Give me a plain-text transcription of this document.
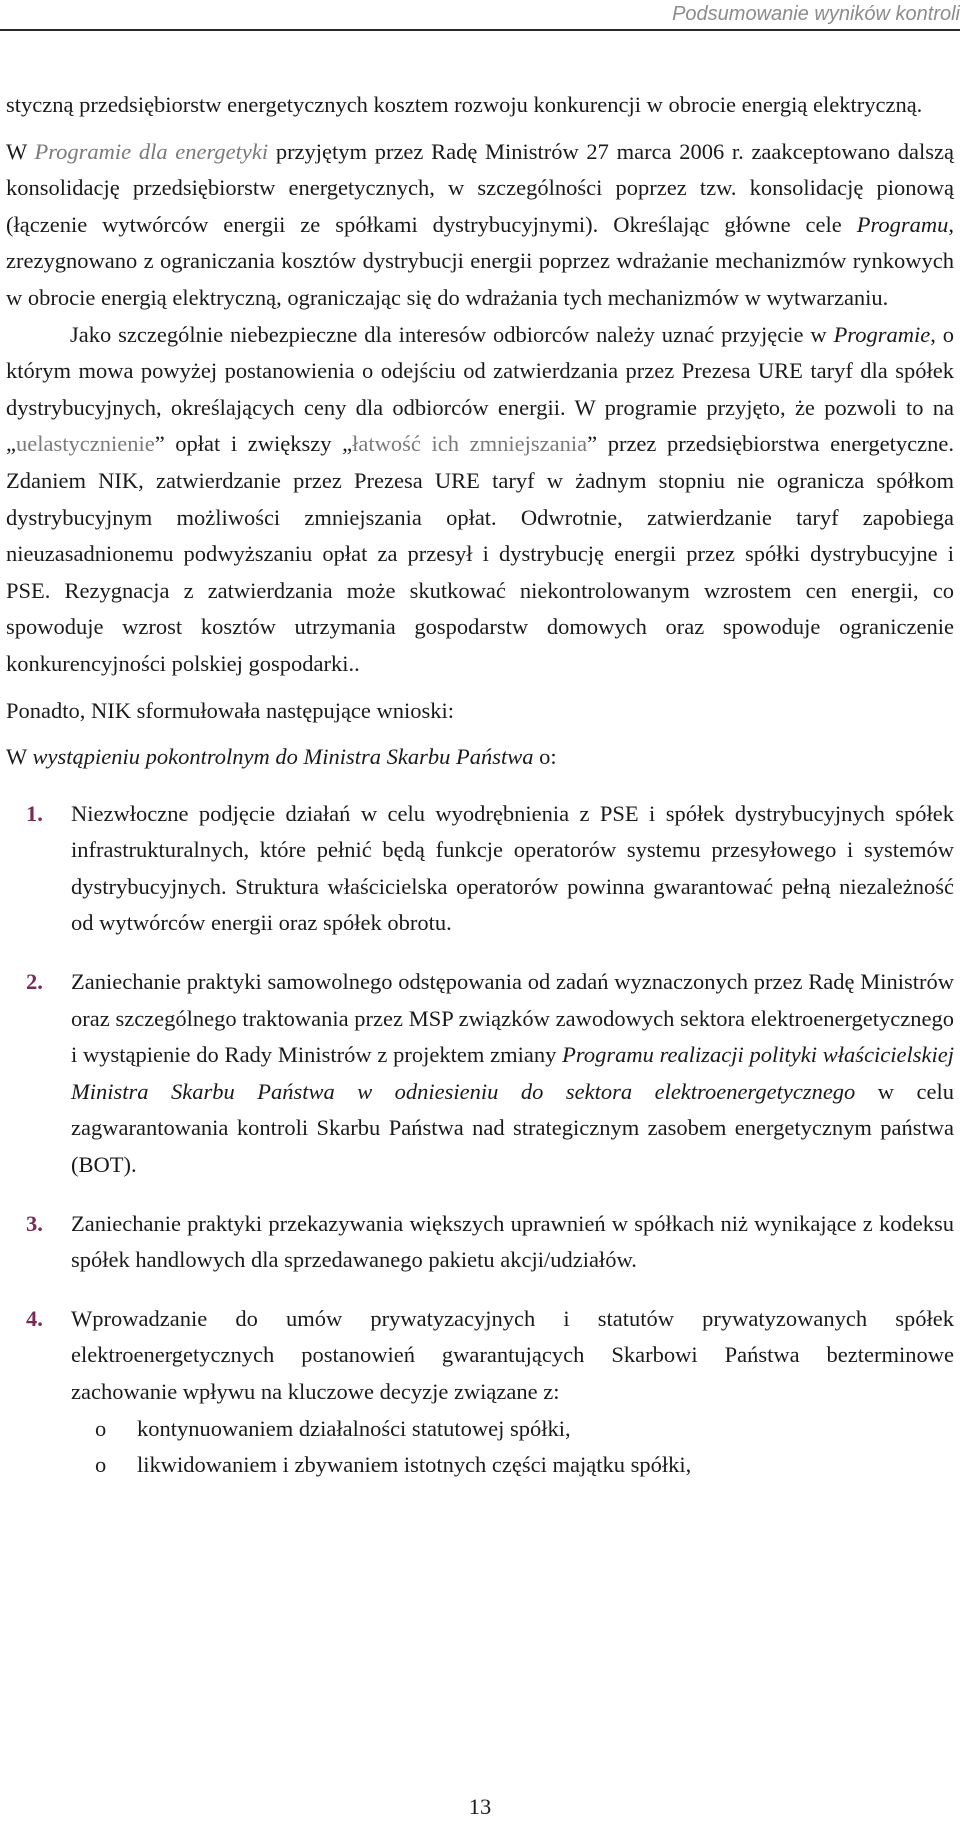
Podsumowanie wyników kontroli

styczną przedsiębiorstw energetycznych kosztem rozwoju konkurencji w obrocie energią elektryczną.

W Programie dla energetyki przyjętym przez Radę Ministrów 27 marca 2006 r. zaakceptowano dalszą konsolidację przedsiębiorstw energetycznych, w szczególności poprzez tzw. konsolidację pionową (łączenie wytwórców energii ze spółkami dystrybucyjnymi). Określając główne cele Programu, zrezygnowano z ograniczania kosztów dystrybucji energii poprzez wdrażanie mechanizmów rynkowych w obrocie energią elektryczną, ograniczając się do wdrażania tych mechanizmów w wytwarzaniu.

Jako szczególnie niebezpieczne dla interesów odbiorców należy uznać przyjęcie w Programie, o którym mowa powyżej postanowienia o odejściu od zatwierdzania przez Prezesa URE taryf dla spółek dystrybucyjnych, określających ceny dla odbiorców energii. W programie przyjęto, że pozwoli to na „uelastycznienie” opłat i zwiększy „łatwość ich zmniejszania” przez przedsiębiorstwa energetyczne. Zdaniem NIK, zatwierdzanie przez Prezesa URE taryf w żadnym stopniu nie ogranicza spółkom dystrybucyjnym możliwości zmniejszania opłat. Odwrotnie, zatwierdzanie taryf zapobiega nieuzasadnionemu podwyższaniu opłat za przesył i dystrybucję energii przez spółki dystrybucyjne i PSE. Rezygnacja z zatwierdzania może skutkować niekontrolowanym wzrostem cen energii, co spowoduje wzrost kosztów utrzymania gospodarstw domowych oraz spowoduje ograniczenie konkurencyjności polskiej gospodarki..

Ponadto, NIK sformułowała następujące wnioski:

W wystąpieniu pokontrolnym do Ministra Skarbu Państwa o:

1. Niezwłoczne podjęcie działań w celu wyodrębnienia z PSE i spółek dystrybucyjnych spółek infrastrukturalnych, które pełnić będą funkcje operatorów systemu przesyłowego i systemów dystrybucyjnych. Struktura właścicielska operatorów powinna gwarantować pełną niezależność od wytwórców energii oraz spółek obrotu.
2. Zaniechanie praktyki samowolnego odstępowania od zadań wyznaczonych przez Radę Ministrów oraz szczególnego traktowania przez MSP związków zawodowych sektora elektroenergetycznego i wystąpienie do Rady Ministrów z projektem zmiany Programu realizacji polityki właścicielskiej Ministra Skarbu Państwa w odniesieniu do sektora elektroenergetycznego w celu zagwarantowania kontroli Skarbu Państwa nad strategicznym zasobem energetycznym państwa (BOT).
3. Zaniechanie praktyki przekazywania większych uprawnień w spółkach niż wynikające z kodeksu spółek handlowych dla sprzedawanego pakietu akcji/udziałów.
4. Wprowadzanie do umów prywatyzacyjnych i statutów prywatyzowanych spółek elektroenergetycznych postanowień gwarantujących Skarbowi Państwa bezterminowe zachowanie wpływu na kluczowe decyzje związane z:
o kontynuowaniem działalności statutowej spółki,
o likwidowaniem i zbywaniem istotnych części majątku spółki,
13
